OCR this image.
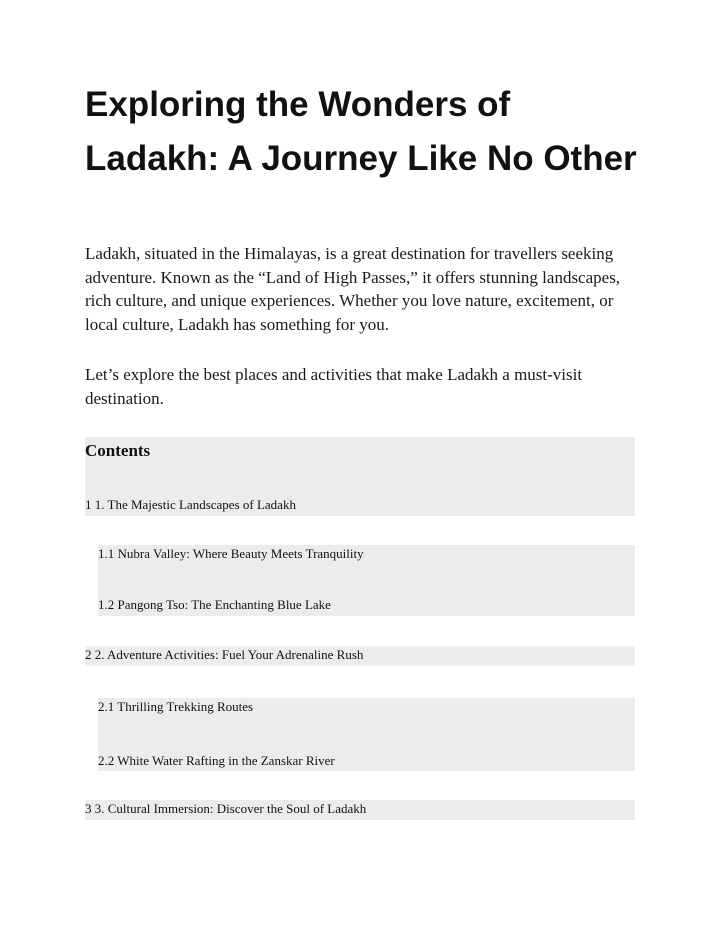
Exploring the Wonders of Ladakh: A Journey Like No Other

Ladakh, situated in the Himalayas, is a great destination for travellers seeking adventure. Known as the “Land of High Passes,” it offers stunning landscapes, rich culture, and unique experiences. Whether you love nature, excitement, or local culture, Ladakh has something for you.

Let’s explore the best places and activities that make Ladakh a must-visit destination.

Contents
1 1. The Majestic Landscapes of Ladakh
1.1 Nubra Valley: Where Beauty Meets Tranquility
1.2 Pangong Tso: The Enchanting Blue Lake
2 2. Adventure Activities: Fuel Your Adrenaline Rush
2.1 Thrilling Trekking Routes
2.2 White Water Rafting in the Zanskar River
3 3. Cultural Immersion: Discover the Soul of Ladakh
